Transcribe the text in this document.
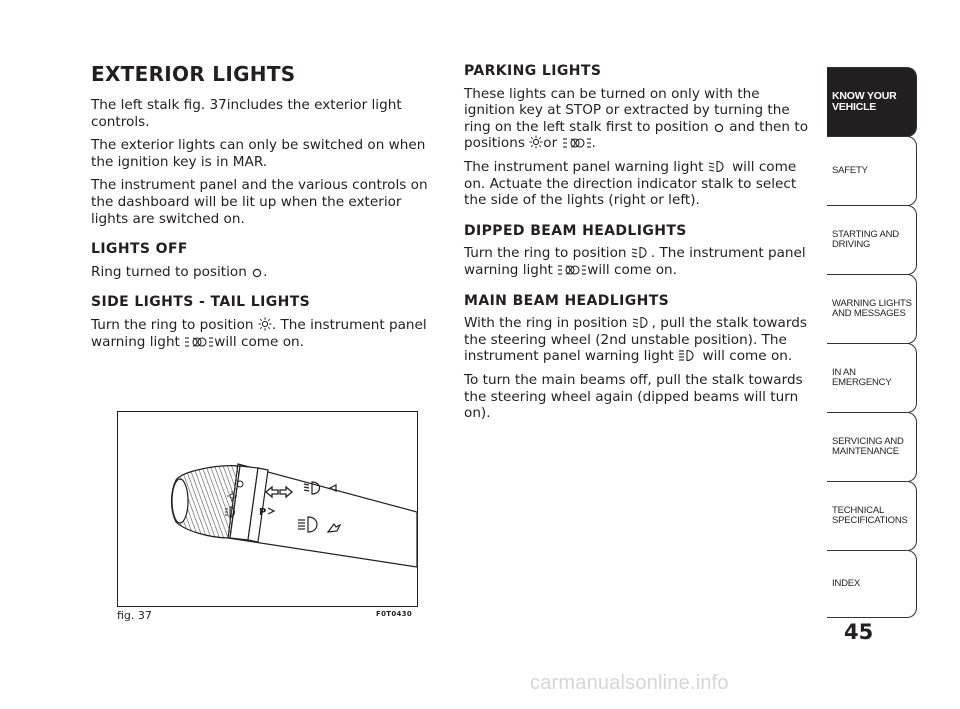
EXTERIOR LIGHTS

The left stalk fig. 37includes the exterior light controls.

The exterior lights can only be switched on when the ignition key is in MAR.

The instrument panel and the various controls on the dashboard will be lit up when the exterior lights are switched on.

LIGHTS OFF

Ring turned to position .

SIDE LIGHTS - TAIL LIGHTS

Turn the ring to position . The instrument panel warning light	will come on.

PARKING LIGHTS

These lights can be turned on only with the ignition key at STOP or extracted by turning the ring on the left stalk first to position and then to positions or	.

The instrument panel warning light will come on. Actuate the direction indicator stalk to select the side of the lights (right or left).

DIPPED BEAM HEADLIGHTS

Turn the ring to position . The instrument panel warning light	will come on.

MAIN BEAM HEADLIGHTS

With the ring in position , pull the stalk towards the steering wheel (2nd unstable position). The instrument panel warning light will come on.

To turn the main beams off, pull the stalk towards the steering wheel again (dipped beams will turn on).

P
fig. 37	F0T0430
KNOW YOUR VEHICLE
SAFETY
STARTING AND DRIVING
WARNING LIGHTS AND MESSAGES
IN AN EMERGENCY
SERVICING AND MAINTENANCE
TECHNICAL SPECIFICATIONS
INDEX
45
carmanualsonline.info
